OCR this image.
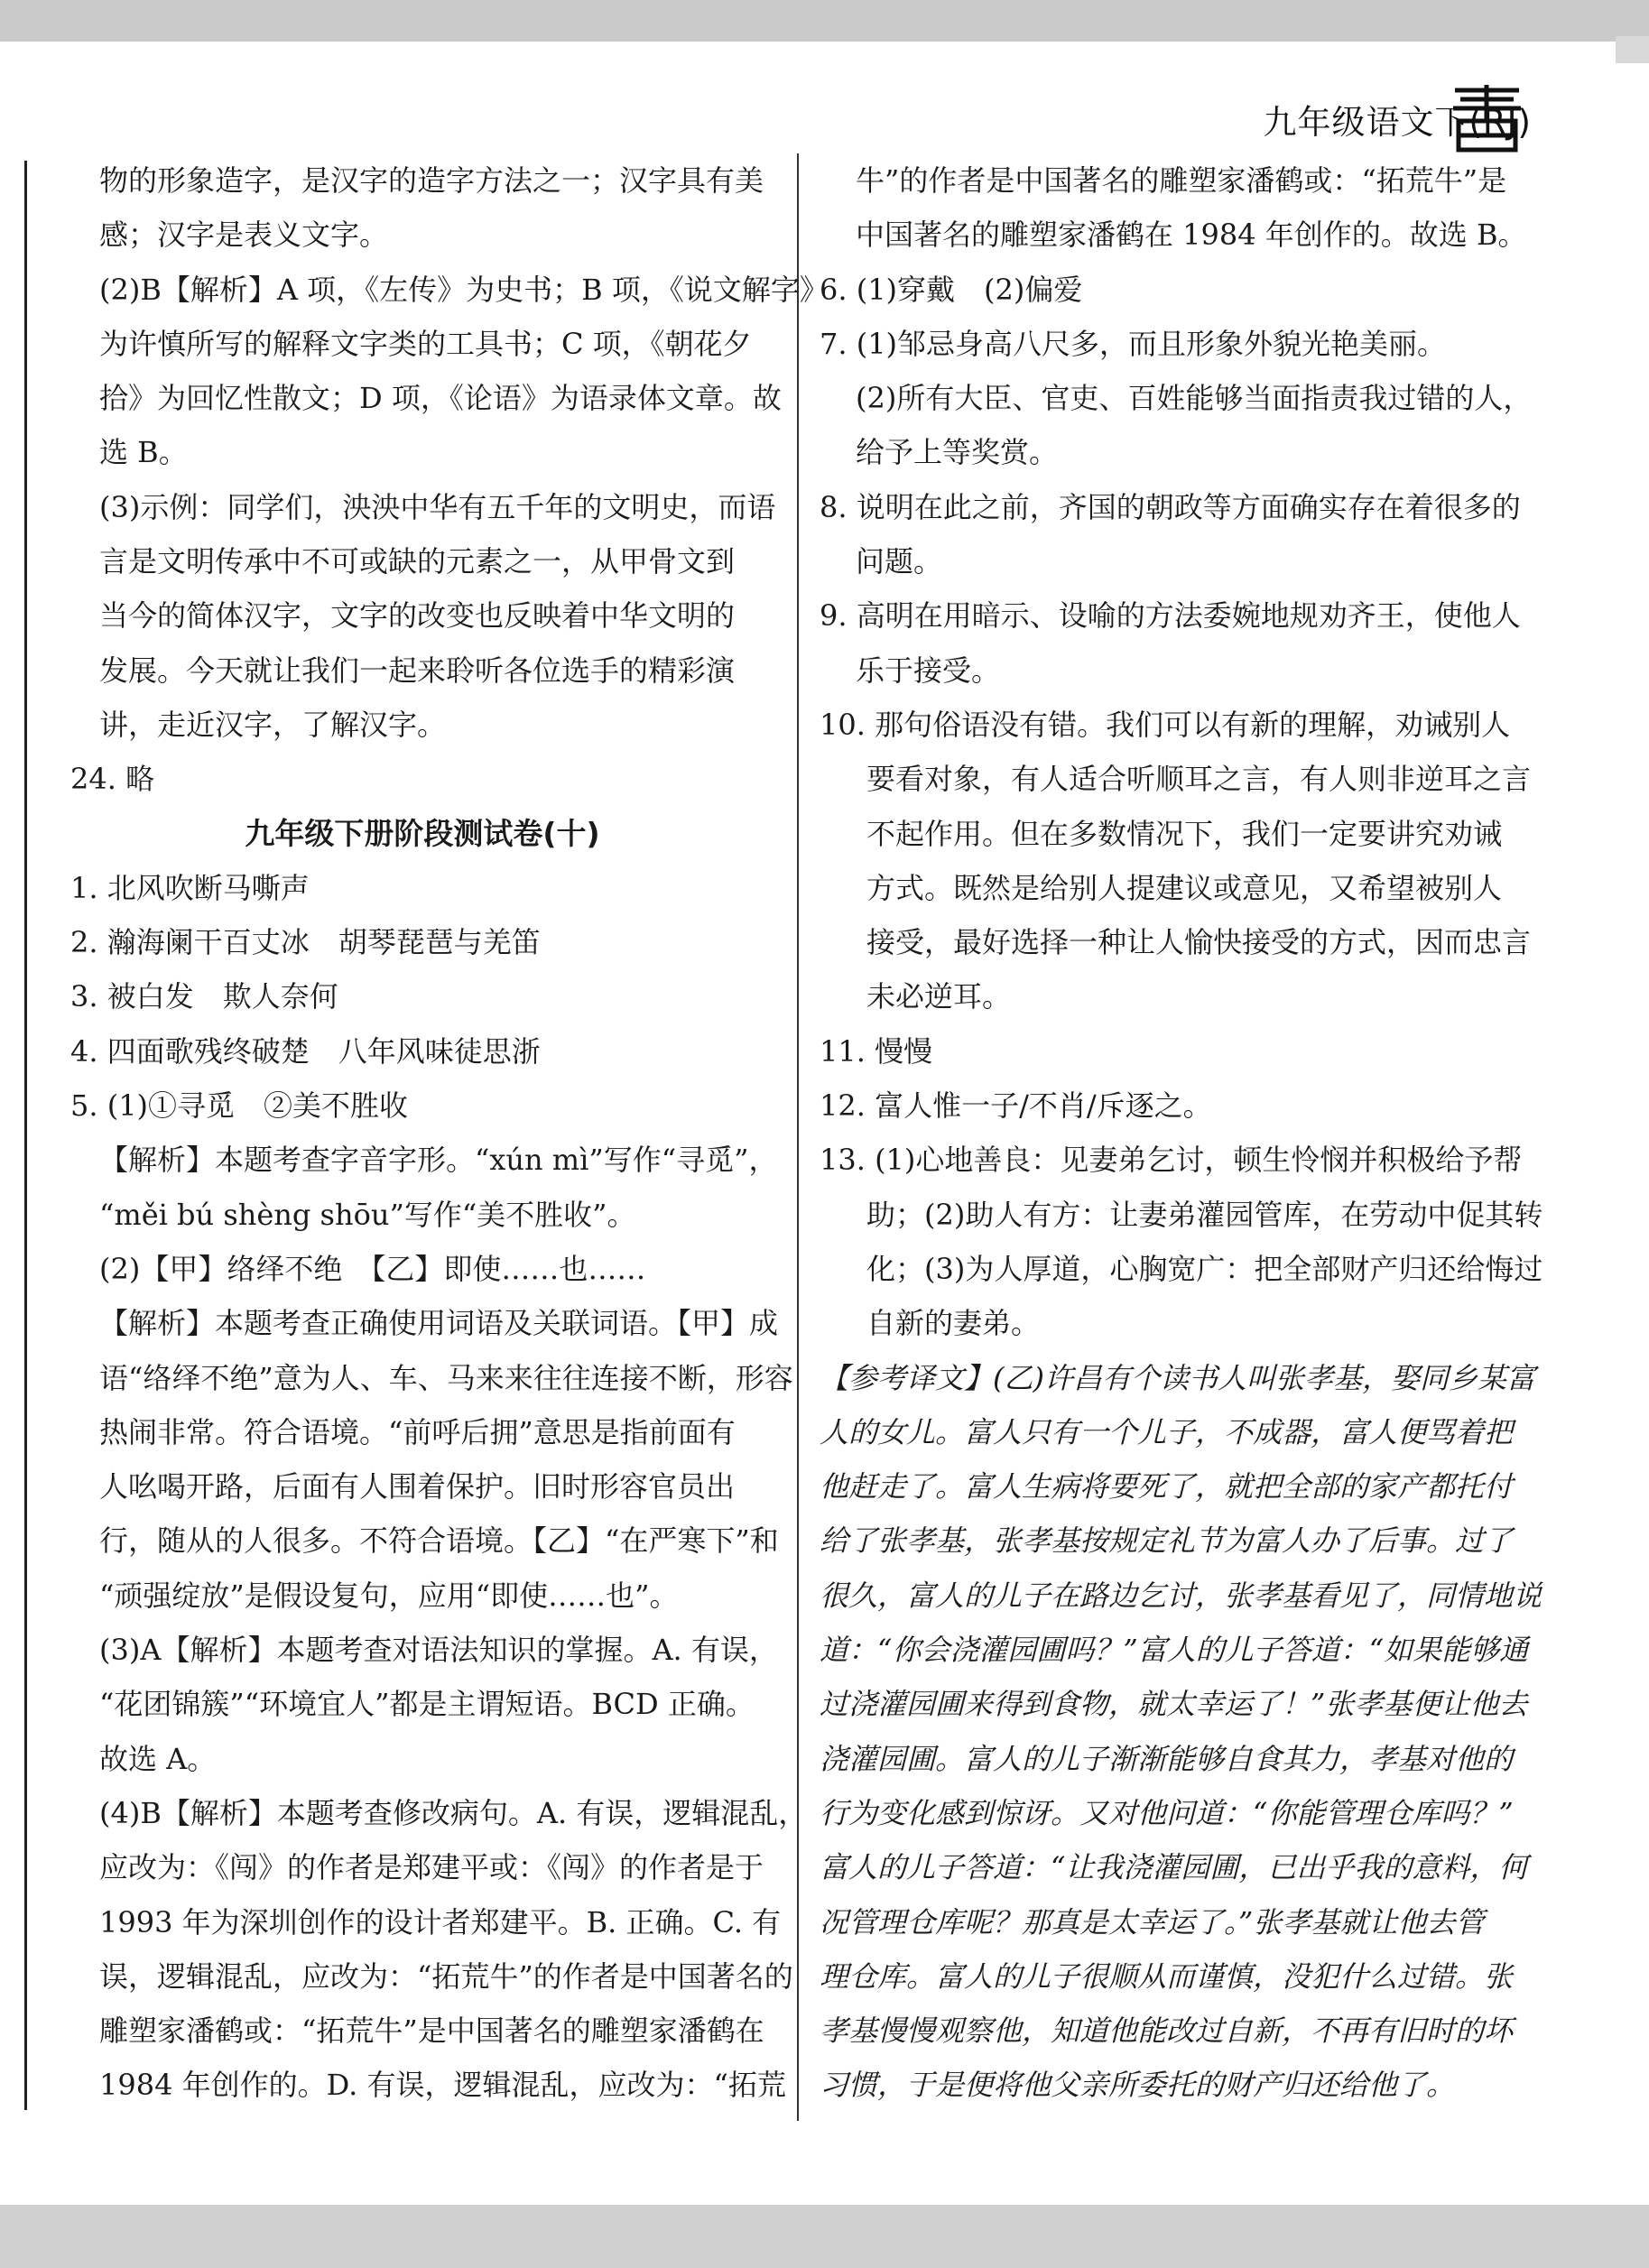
九年级语文下(RJ)
物的形象造字，是汉字的造字方法之一；汉字具有美
感；汉字是表义文字。
(2)B【解析】A 项，《左传》为史书；B 项，《说文解字》
为许慎所写的解释文字类的工具书；C 项，《朝花夕
拾》为回忆性散文；D 项，《论语》为语录体文章。故
选 B。
(3)示例：同学们，泱泱中华有五千年的文明史，而语
言是文明传承中不可或缺的元素之一，从甲骨文到
当今的简体汉字，文字的改变也反映着中华文明的
发展。今天就让我们一起来聆听各位选手的精彩演
讲，走近汉字，了解汉字。
24. 略
九年级下册阶段测试卷(十)
1. 北风吹断马嘶声
2. 瀚海阑干百丈冰　胡琴琵琶与羌笛
3. 被白发　欺人奈何
4. 四面歌残终破楚　八年风味徒思浙
5. (1)①寻觅　②美不胜收
【解析】本题考查字音字形。“xún mì”写作“寻觅”，
“měi bú shèng shōu”写作“美不胜收”。
(2)【甲】络绎不绝　【乙】即使……也……
【解析】本题考查正确使用词语及关联词语。【甲】成
语“络绎不绝”意为人、车、马来来往往连接不断，形容
热闹非常。符合语境。“前呼后拥”意思是指前面有
人吆喝开路，后面有人围着保护。旧时形容官员出
行，随从的人很多。不符合语境。【乙】“在严寒下”和
“顽强绽放”是假设复句，应用“即使……也”。
(3)A【解析】本题考查对语法知识的掌握。A. 有误，
“花团锦簇”“环境宜人”都是主谓短语。BCD 正确。
故选 A。
(4)B【解析】本题考查修改病句。A. 有误，逻辑混乱，
应改为：《闯》的作者是郑建平或：《闯》的作者是于
1993 年为深圳创作的设计者郑建平。B. 正确。C. 有
误，逻辑混乱，应改为：“拓荒牛”的作者是中国著名的
雕塑家潘鹤或：“拓荒牛”是中国著名的雕塑家潘鹤在
1984 年创作的。D. 有误，逻辑混乱，应改为：“拓荒
牛”的作者是中国著名的雕塑家潘鹤或：“拓荒牛”是
中国著名的雕塑家潘鹤在 1984 年创作的。故选 B。
6. (1)穿戴　(2)偏爱
7. (1)邹忌身高八尺多，而且形象外貌光艳美丽。
(2)所有大臣、官吏、百姓能够当面指责我过错的人，
给予上等奖赏。
8. 说明在此之前，齐国的朝政等方面确实存在着很多的
问题。
9. 高明在用暗示、设喻的方法委婉地规劝齐王，使他人
乐于接受。
10. 那句俗语没有错。我们可以有新的理解，劝诫别人
要看对象，有人适合听顺耳之言，有人则非逆耳之言
不起作用。但在多数情况下，我们一定要讲究劝诫
方式。既然是给别人提建议或意见，又希望被别人
接受，最好选择一种让人愉快接受的方式，因而忠言
未必逆耳。
11. 慢慢
12. 富人惟一子/不肖/斥逐之。
13. (1)心地善良：见妻弟乞讨，顿生怜悯并积极给予帮
助；(2)助人有方：让妻弟灌园管库，在劳动中促其转
化；(3)为人厚道，心胸宽广：把全部财产归还给悔过
自新的妻弟。
【参考译文】(乙)许昌有个读书人叫张孝基，娶同乡某富
人的女儿。富人只有一个儿子，不成器，富人便骂着把
他赶走了。富人生病将要死了，就把全部的家产都托付
给了张孝基，张孝基按规定礼节为富人办了后事。过了
很久，富人的儿子在路边乞讨，张孝基看见了，同情地说
道：“你会浇灌园圃吗？”富人的儿子答道：“如果能够通
过浇灌园圃来得到食物，就太幸运了！”张孝基便让他去
浇灌园圃。富人的儿子渐渐能够自食其力，孝基对他的
行为变化感到惊讶。又对他问道：“你能管理仓库吗？”
富人的儿子答道：“让我浇灌园圃，已出乎我的意料，何
况管理仓库呢？那真是太幸运了。”张孝基就让他去管
理仓库。富人的儿子很顺从而谨慎，没犯什么过错。张
孝基慢慢观察他，知道他能改过自新，不再有旧时的坏
习惯，于是便将他父亲所委托的财产归还给他了。
